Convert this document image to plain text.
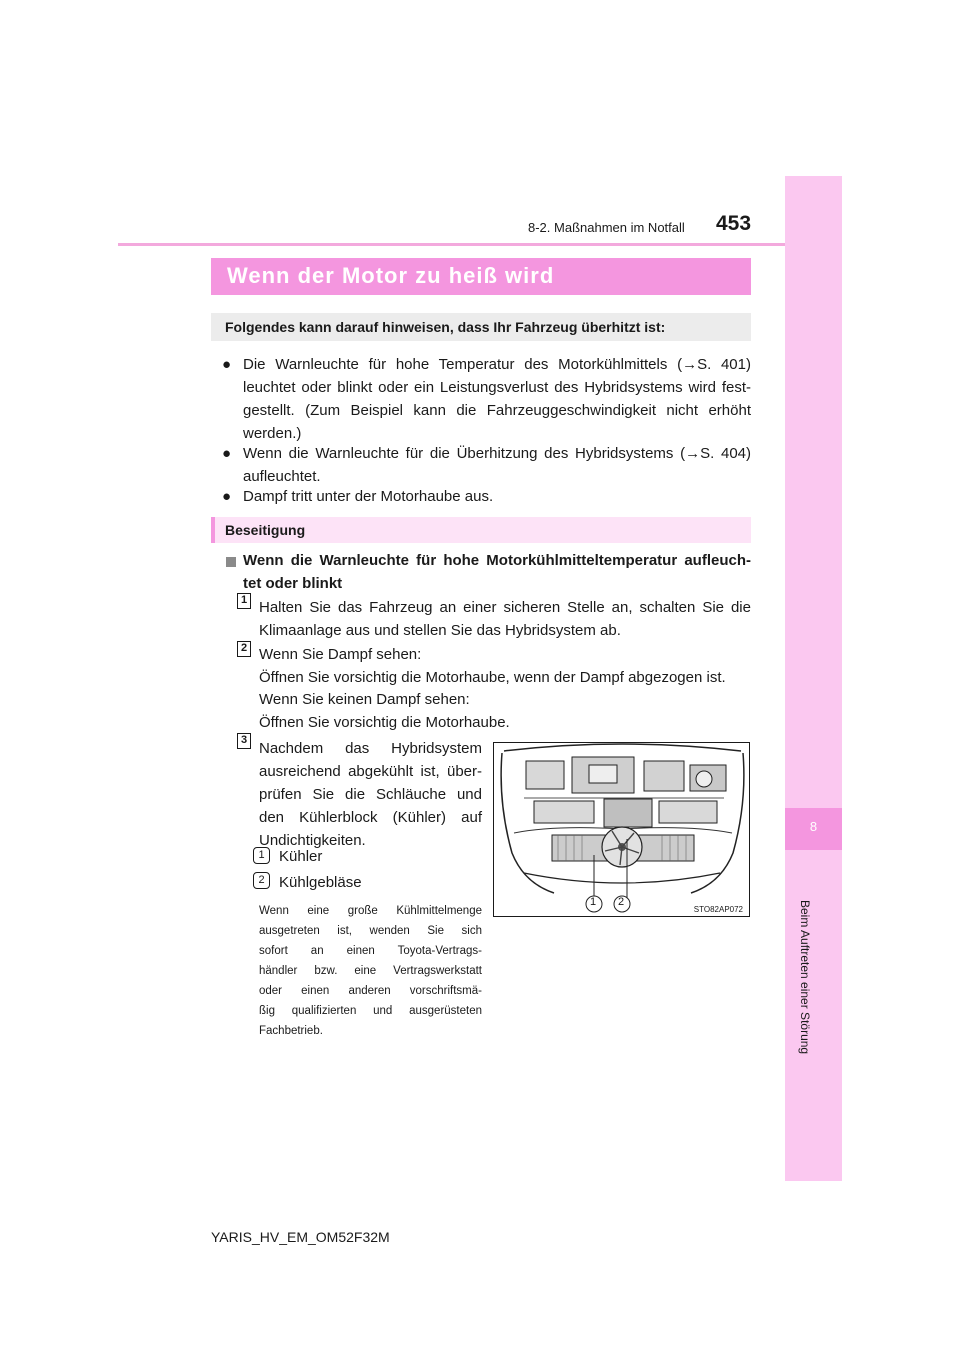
8-2. Maßnahmen im Notfall 453
8
Beim Auftreten einer Störung
Wenn der Motor zu heiß wird
Folgendes kann darauf hinweisen, dass Ihr Fahrzeug überhitzt ist:
● Die Warnleuchte für hohe Temperatur des Motorkühlmittels (→S. 401)
leuchtet oder blinkt oder ein Leistungsverlust des Hybridsystems wird fest-
gestellt. (Zum Beispiel kann die Fahrzeuggeschwindigkeit nicht erhöht
werden.)
● Wenn die Warnleuchte für die Überhitzung des Hybridsystems (→S. 404)
aufleuchtet.
● Dampf tritt unter der Motorhaube aus.
Beseitigung
Wenn die Warnleuchte für hohe Motorkühlmitteltemperatur aufleuch-
tet oder blinkt
1 Halten Sie das Fahrzeug an einer sicheren Stelle an, schalten Sie die
Klimaanlage aus und stellen Sie das Hybridsystem ab.
2 Wenn Sie Dampf sehen:
Öffnen Sie vorsichtig die Motorhaube, wenn der Dampf abgezogen ist.
Wenn Sie keinen Dampf sehen:
Öffnen Sie vorsichtig die Motorhaube.
3 Nachdem das Hybridsystem
ausreichend abgekühlt ist, über-
prüfen Sie die Schläuche und
den Kühlerblock (Kühler) auf
Undichtigkeiten.
1 Kühler
2 Kühlgebläse
Wenn eine große Kühlmittelmenge
ausgetreten ist, wenden Sie sich
sofort an einen Toyota-Vertrags-
händler bzw. eine Vertragswerkstatt
oder einen anderen vorschriftsmä-
ßig qualifizierten und ausgerüsteten
Fachbetrieb.
1 2
STO82AP072
YARIS_HV_EM_OM52F32M
